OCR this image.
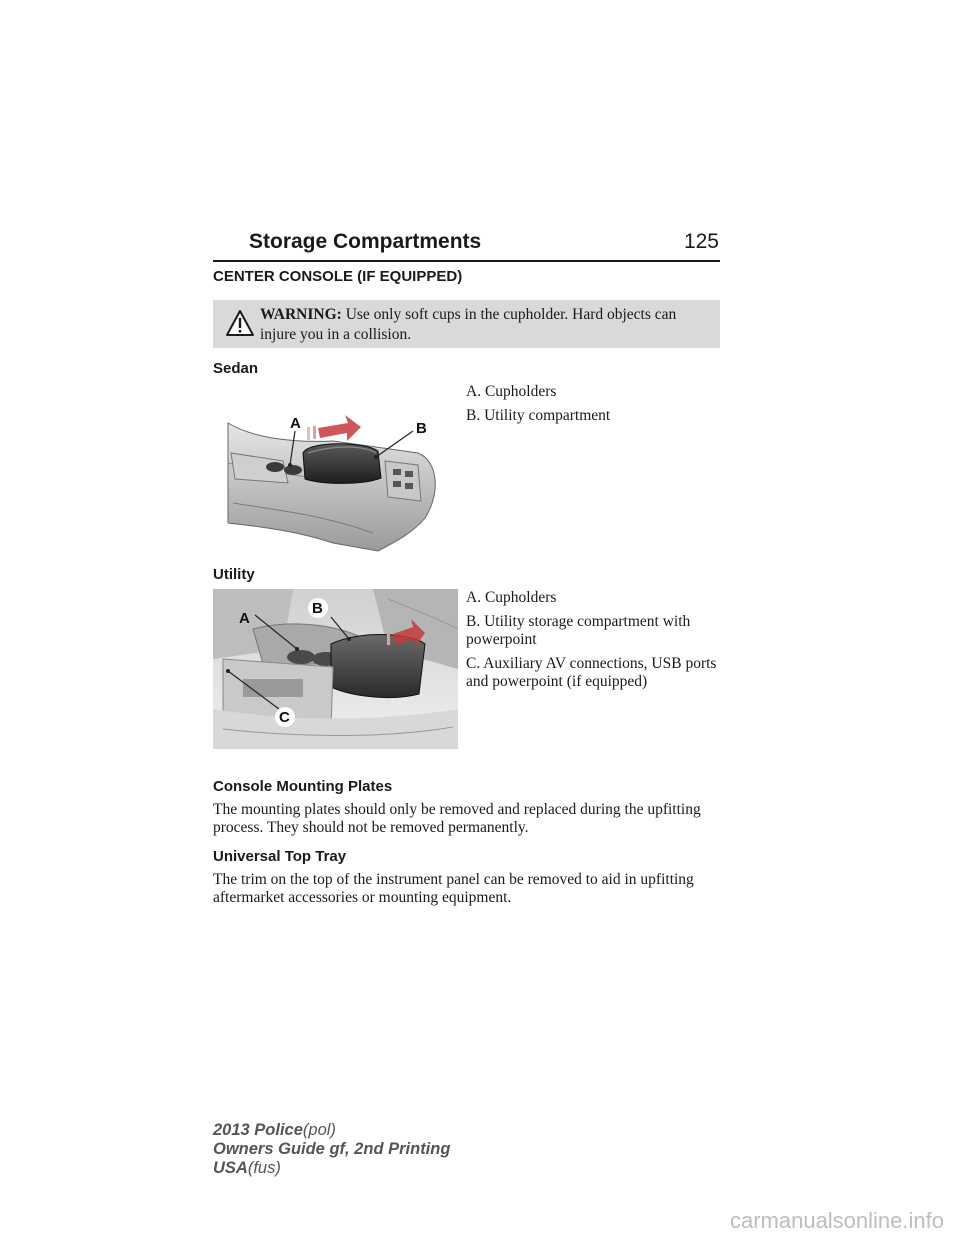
Storage Compartments	125
CENTER CONSOLE (IF EQUIPPED)
WARNING: Use only soft cups in the cupholder. Hard objects can injure you in a collision.
Sedan
A	B
A. Cupholders
B. Utility compartment
Utility
A
B
C
A. Cupholders
B. Utility storage compartment with powerpoint
C. Auxiliary AV connections, USB ports and powerpoint (if equipped)
Console Mounting Plates
The mounting plates should only be removed and replaced during the upfitting process. They should not be removed permanently.
Universal Top Tray
The trim on the top of the instrument panel can be removed to aid in upfitting aftermarket accessories or mounting equipment.
2013 Police(pol)
Owners Guide gf, 2nd Printing
USA(fus)
carmanualsonline.info
